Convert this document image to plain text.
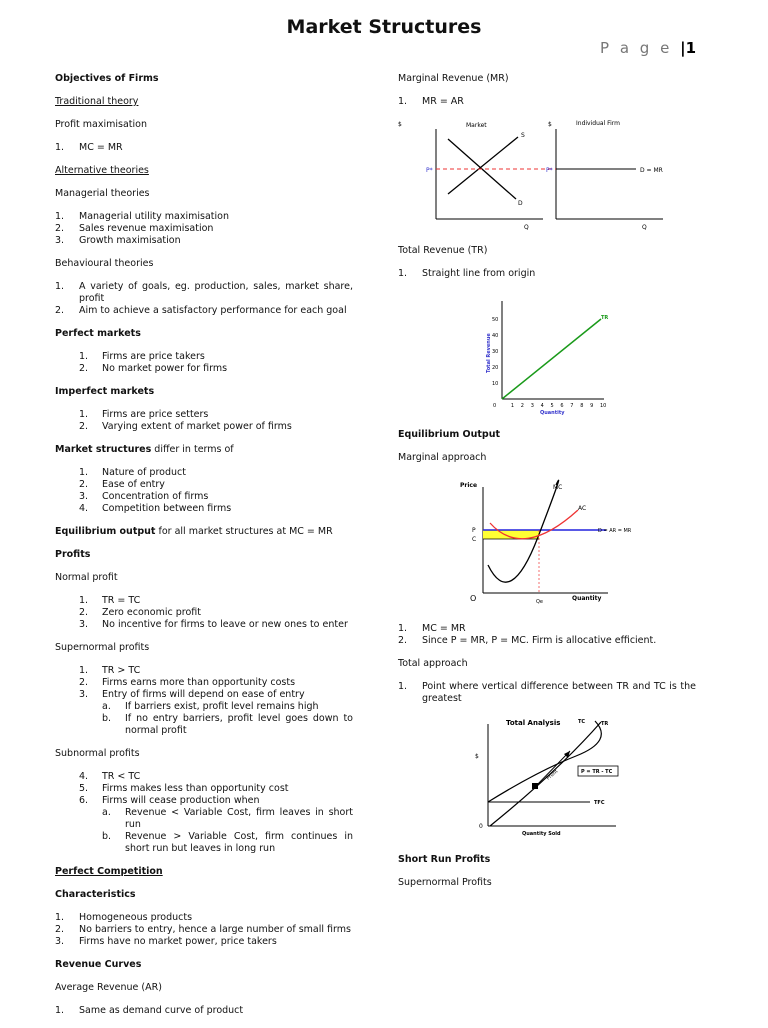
Market Structures
P a g e |1

Objectives of Firms

Traditional theory

Profit maximisation

1. MC = MR

Alternative theories

Managerial theories

1. Managerial utility maximisation
2. Sales revenue maximisation
3. Growth maximisation

Behavioural theories

1. A variety of goals, eg. production, sales, market share, profit
2. Aim to achieve a satisfactory performance for each goal

Perfect markets

1. Firms are price takers
2. No market power for firms

Imperfect markets

1. Firms are price setters
2. Varying extent of market power of firms

Market structures differ in terms of

1. Nature of product
2. Ease of entry
3. Concentration of firms
4. Competition between firms

Equilibrium output for all market structures at MC = MR

Profits

Normal profit

1. TR = TC
2. Zero economic profit
3. No incentive for firms to leave or new ones to enter

Supernormal profits

1. TR > TC
2. Firms earns more than opportunity costs
3. Entry of firms will depend on ease of entry
a. If barriers exist, profit level remains high
b. If no entry barriers, profit level goes down to normal profit

Subnormal profits

4. TR < TC
5. Firms makes less than opportunity cost
6. Firms will cease production when
a. Revenue < Variable Cost, firm leaves in short run
b. Revenue > Variable Cost, firm continues in short run but leaves in long run

Perfect Competition

Characteristics

1. Homogeneous products
2. No barriers to entry, hence a large number of small firms
3. Firms have no market power, price takers

Revenue Curves

Average Revenue (AR)

1. Same as demand curve of product

Marginal Revenue (MR)

1. MR = AR
$	Market	$	Individual Firm
S
D
P*	P*	D = MR
Q	Q

Total Revenue (TR)

1. Straight line from origin
TR
Total Revenue
Quantity
10
20
30
40
50
0	1 2 3 4 5 6 7 8 9 10

Equilibrium Output

Marginal approach

Price	MC
AC
P
C
D = AR = MR
O	Qe	Quantity
1. MC = MR
2. Since P = MR, P = MC. Firm is allocative efficient.

Total approach

1. Point where vertical difference between TR and TC is the greatest
Total Analysis	TC	TR
$
Profit	P = TR - TC
TFC
0
Quantity Sold

Short Run Profits

Supernormal Profits
